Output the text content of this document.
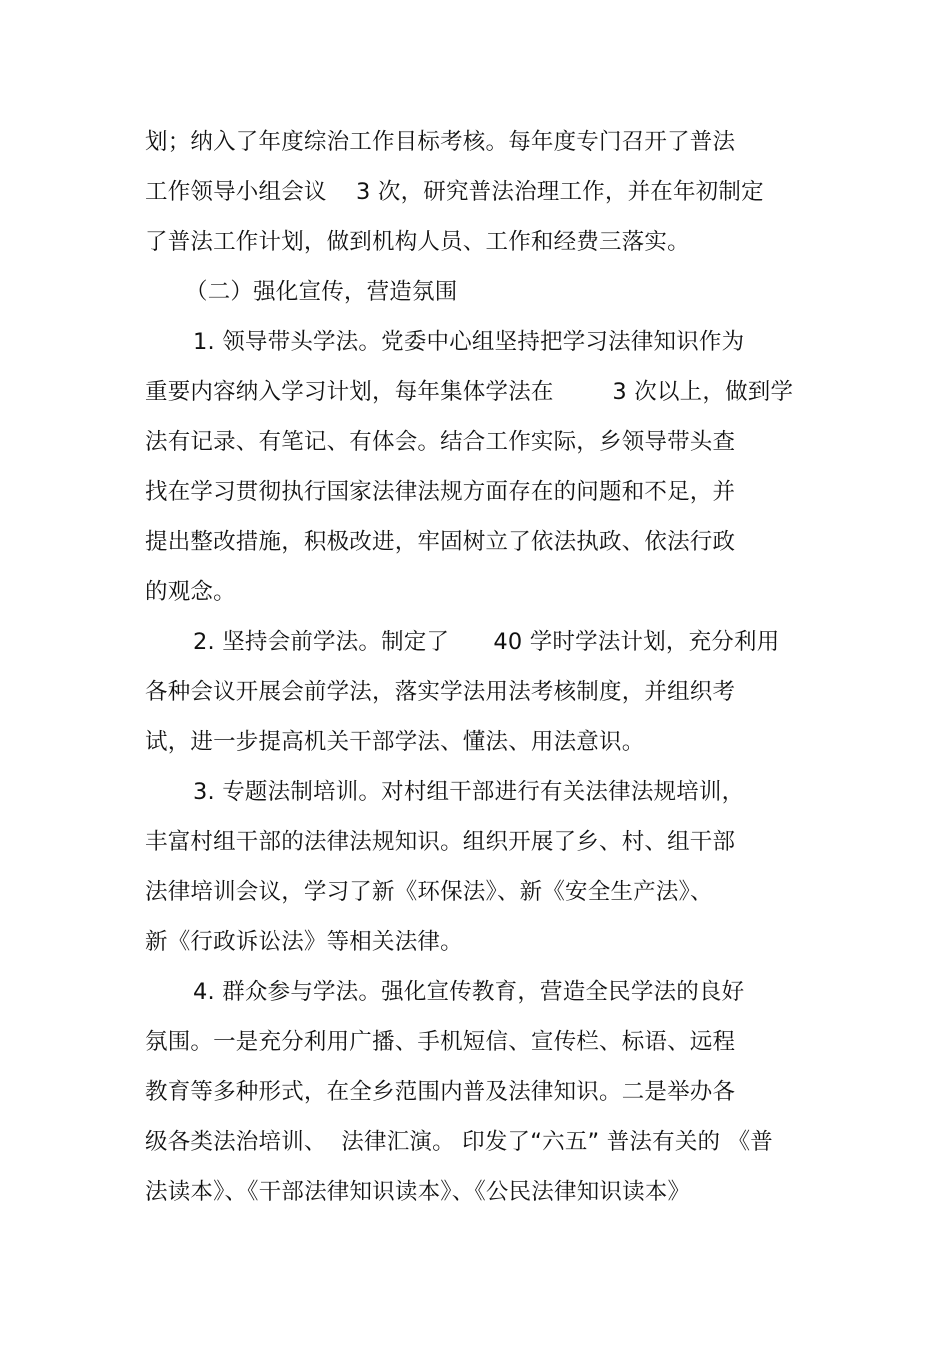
划；纳入了年度综治工作目标考核。每年度专门召开了普法

工作领导小组会议    3 次，研究普法治理工作，并在年初制定

了普法工作计划，做到机构人员、工作和经费三落实。

（二）强化宣传，营造氛围

1. 领导带头学法。党委中心组坚持把学习法律知识作为

重要内容纳入学习计划，每年集体学法在        3 次以上，做到学

法有记录、有笔记、有体会。结合工作实际，乡领导带头查

找在学习贯彻执行国家法律法规方面存在的问题和不足，并

提出整改措施，积极改进，牢固树立了依法执政、依法行政

的观念。

2. 坚持会前学法。制定了      40 学时学法计划，充分利用

各种会议开展会前学法，落实学法用法考核制度，并组织考

试，进一步提高机关干部学法、懂法、用法意识。

3. 专题法制培训。对村组干部进行有关法律法规培训，

丰富村组干部的法律法规知识。组织开展了乡、村、组干部

法律培训会议，学习了新《环保法》、新《安全生产法》、

新《行政诉讼法》等相关法律。

4. 群众参与学法。强化宣传教育，营造全民学法的良好

氛围。一是充分利用广播、手机短信、宣传栏、标语、远程

教育等多种形式，在全乡范围内普及法律知识。二是举办各

级各类法治培训、  法律汇演。 印发了“六五” 普法有关的 《普

法读本》、《干部法律知识读本》、《公民法律知识读本》
